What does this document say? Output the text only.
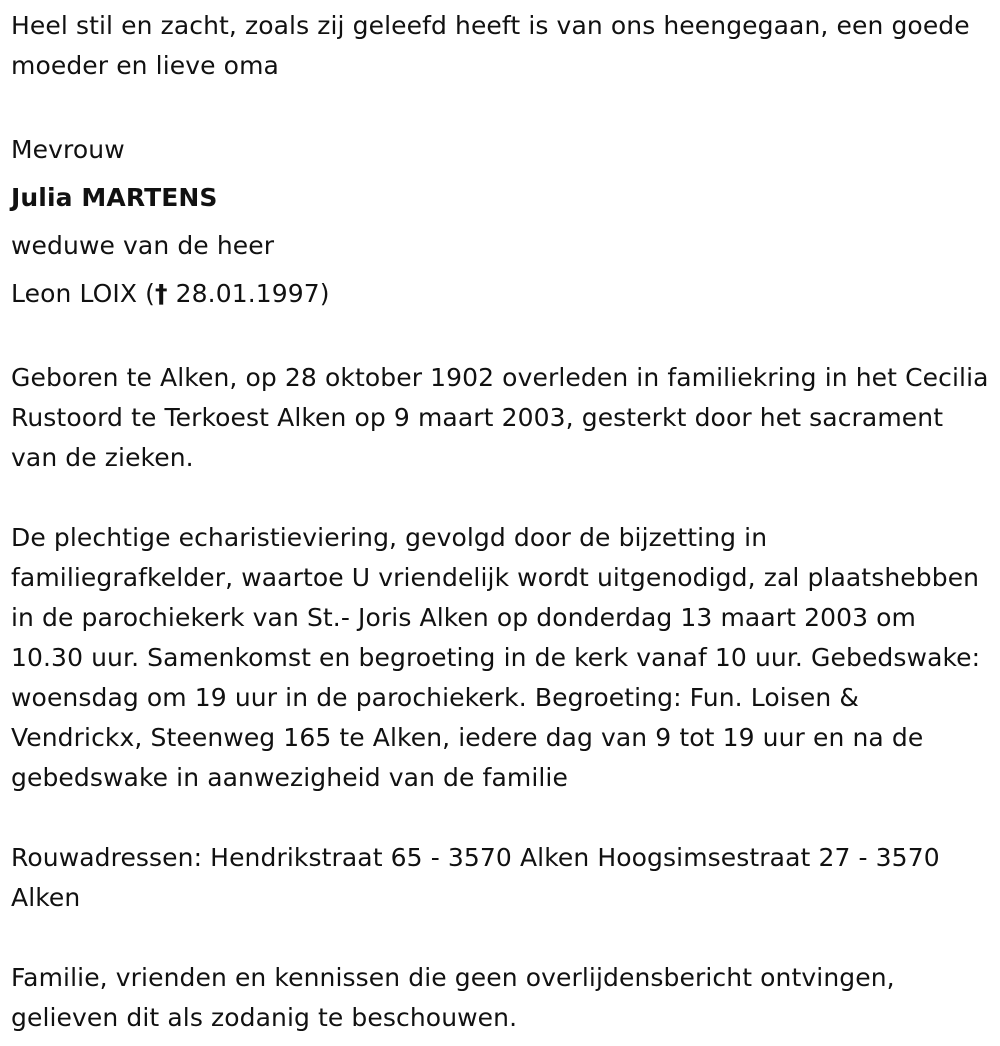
Heel stil en zacht, zoals zij geleefd heeft is van ons heengegaan, een goede moeder en lieve oma

Mevrouw

Julia MARTENS

weduwe van de heer

Leon LOIX († 28.01.1997)

Geboren te Alken, op 28 oktober 1902 overleden in familiekring in het Cecilia Rustoord te Terkoest Alken op 9 maart 2003, gesterkt door het sacrament van de zieken.

De plechtige echaristieviering, gevolgd door de bijzetting in familiegrafkelder, waartoe U vriendelijk wordt uitgenodigd, zal plaatshebben in de parochiekerk van St.- Joris Alken op donderdag 13 maart 2003 om 10.30 uur. Samenkomst en begroeting in de kerk vanaf 10 uur. Gebedswake: woensdag om 19 uur in de parochiekerk. Begroeting: Fun. Loisen & Vendrickx, Steenweg 165 te Alken, iedere dag van 9 tot 19 uur en na de gebedswake in aanwezigheid van de familie

Rouwadressen: Hendrikstraat 65 - 3570 Alken Hoogsimsestraat 27 - 3570 Alken

Familie, vrienden en kennissen die geen overlijdensbericht ontvingen, gelieven dit als zodanig te beschouwen.
